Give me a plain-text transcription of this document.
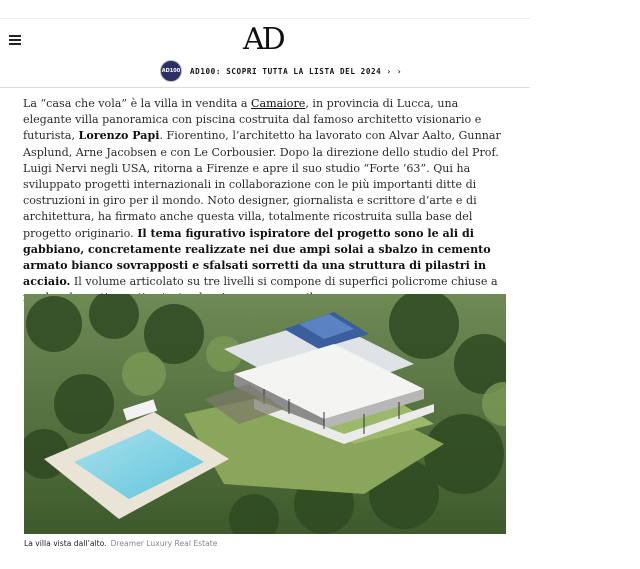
AD
AD100 AD100: SCOPRI TUTTA LA LISTA DEL 2024 › ›

La “casa che vola” è la villa in vendita a Camaiore, in provincia di Lucca, una elegante villa panoramica con piscina costruita dal famoso architetto visionario e futurista, Lorenzo Papi. Fiorentino, l’architetto ha lavorato con Alvar Aalto, Gunnar Asplund, Arne Jacobsen e con Le Corbousier. Dopo la direzione dello studio del Prof. Luigi Nervi negli USA, ritorna a Firenze e apre il suo studio “Forte ’63”. Qui ha sviluppato progetti internazionali in collaborazione con le più importanti ditte di costruzioni in giro per il mondo. Noto designer, giornalista e scrittore d’arte e di architettura, ha firmato anche questa villa, totalmente ricostruita sulla base del progetto originario. Il tema figurativo ispiratore del progetto sono le ali di gabbiano, concretamente realizzate nei due ampi solai a sbalzo in cemento armato bianco sovrapposti e sfalsati sorretti da una struttura di pilastri in acciaio. Il volume articolato su tre livelli si compone di superfici policrome chiuse a

La villa vista dall’alto. Dreamer Luxury Real Estate
